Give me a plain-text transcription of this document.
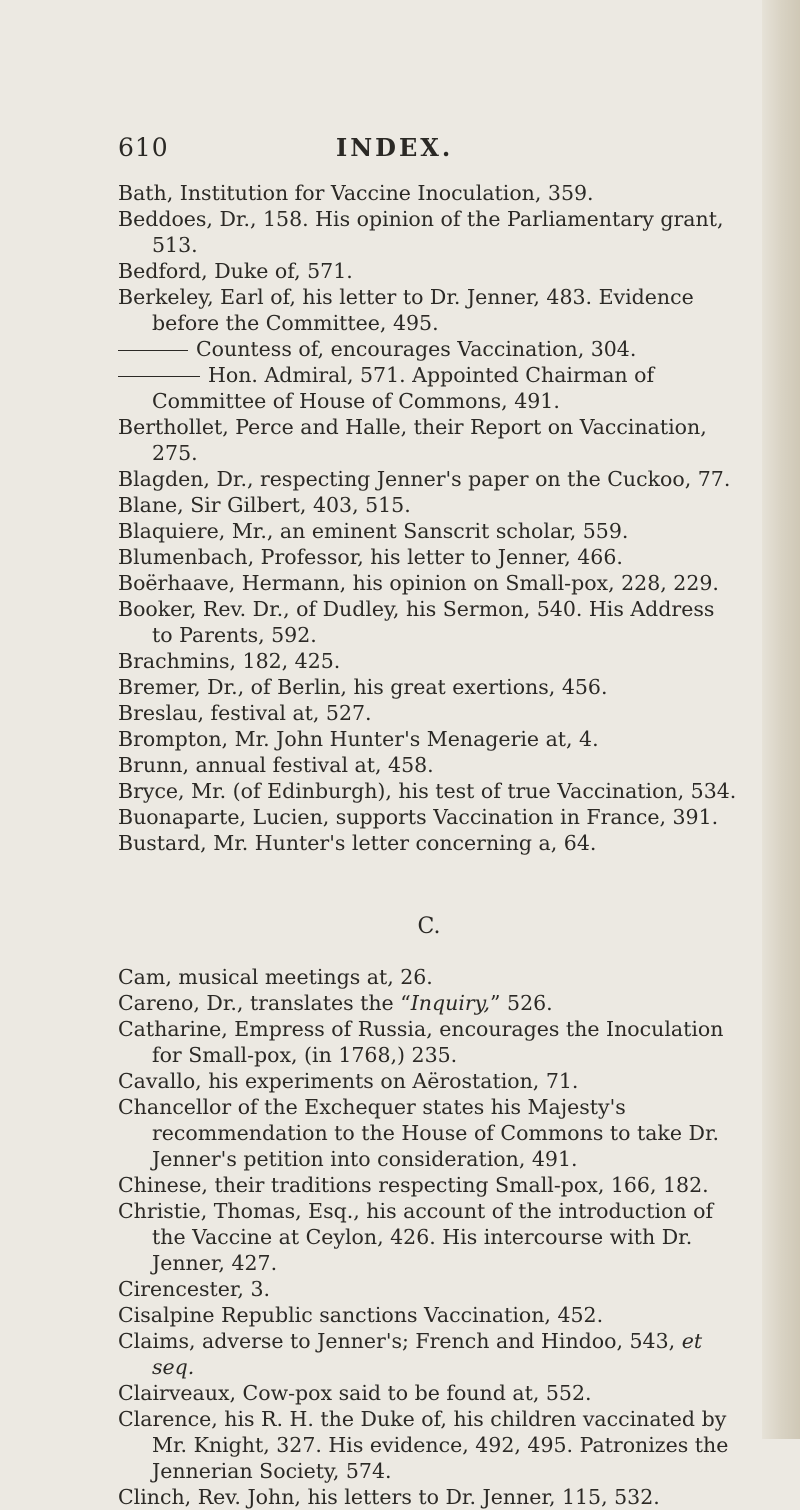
610	INDEX.

Bath, Institution for Vaccine Inoculation, 359.

Beddoes, Dr., 158. His opinion of the Parliamentary grant, 513.

Bedford, Duke of, 571.

Berkeley, Earl of, his letter to Dr. Jenner, 483. Evidence before the Committee, 495.

Countess of, encourages Vaccination, 304.

Hon. Admiral, 571. Appointed Chairman of Committee of House of Commons, 491.

Berthollet, Perce and Halle, their Report on Vaccination, 275.

Blagden, Dr., respecting Jenner's paper on the Cuckoo, 77.

Blane, Sir Gilbert, 403, 515.

Blaquiere, Mr., an eminent Sanscrit scholar, 559.

Blumenbach, Professor, his letter to Jenner, 466.

Boërhaave, Hermann, his opinion on Small-pox, 228, 229.

Booker, Rev. Dr., of Dudley, his Sermon, 540. His Address to Parents, 592.

Brachmins, 182, 425.

Bremer, Dr., of Berlin, his great exertions, 456.

Breslau, festival at, 527.

Brompton, Mr. John Hunter's Menagerie at, 4.

Brunn, annual festival at, 458.

Bryce, Mr. (of Edinburgh), his test of true Vaccination, 534.

Buonaparte, Lucien, supports Vaccination in France, 391.

Bustard, Mr. Hunter's letter concerning a, 64.

C.

Cam, musical meetings at, 26.

Careno, Dr., translates the “Inquiry,” 526.

Catharine, Empress of Russia, encourages the Inoculation for Small-pox, (in 1768,) 235.

Cavallo, his experiments on Aërostation, 71.

Chancellor of the Exchequer states his Majesty's recommendation to the House of Commons to take Dr. Jenner's petition into consideration, 491.

Chinese, their traditions respecting Small-pox, 166, 182.

Christie, Thomas, Esq., his account of the introduction of the Vaccine at Ceylon, 426. His intercourse with Dr. Jenner, 427.

Cirencester, 3.

Cisalpine Republic sanctions Vaccination, 452.

Claims, adverse to Jenner's; French and Hindoo, 543, et seq.

Clairveaux, Cow-pox said to be found at, 552.

Clarence, his R. H. the Duke of, his children vaccinated by Mr. Knight, 327. His evidence, 492, 495. Patronizes the Jennerian Society, 574.

Clinch, Rev. John, his letters to Dr. Jenner, 115, 532.
